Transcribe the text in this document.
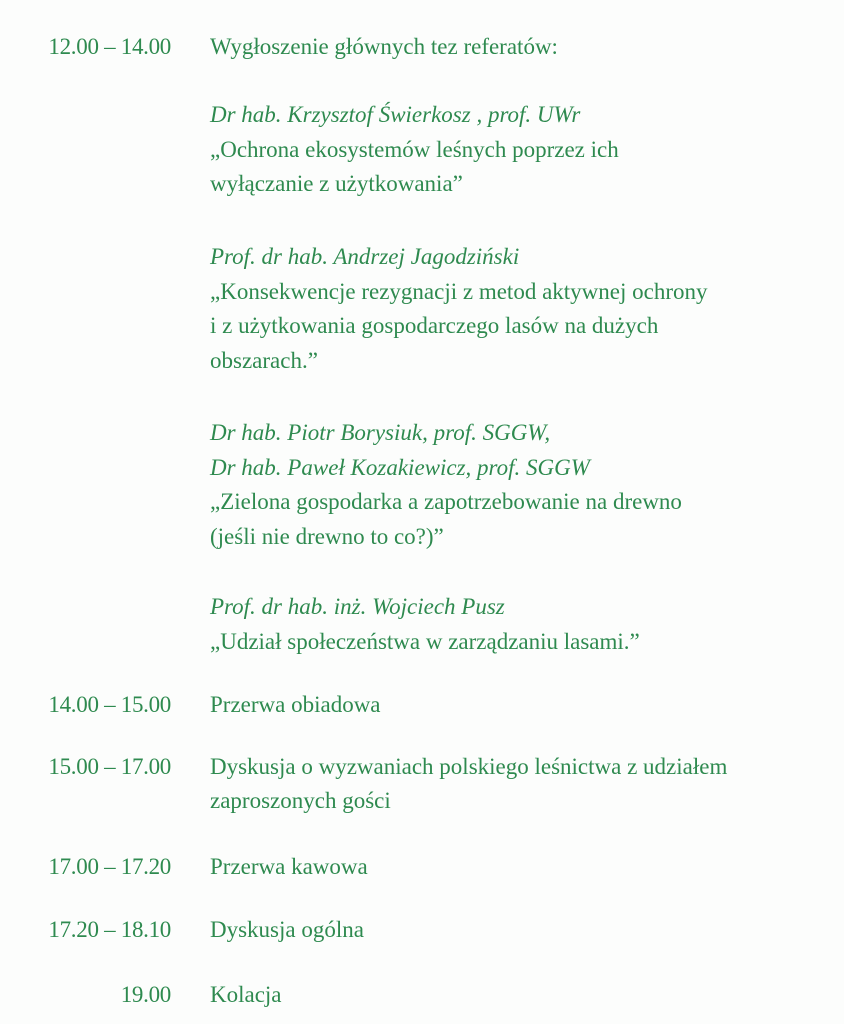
12.00 – 14.00 Wygłoszenie głównych tez referatów:
Dr hab. Krzysztof Świerkosz , prof. UWr
„Ochrona ekosystemów leśnych poprzez ich
wyłączanie z użytkowania”
Prof. dr hab. Andrzej Jagodziński
„Konsekwencje rezygnacji z metod aktywnej ochrony
i z użytkowania gospodarczego lasów na dużych
obszarach.”
Dr hab. Piotr Borysiuk, prof. SGGW,
Dr hab. Paweł Kozakiewicz, prof. SGGW
„Zielona gospodarka a zapotrzebowanie na drewno
(jeśli nie drewno to co?)”
Prof. dr hab. inż. Wojciech Pusz
„Udział społeczeństwa w zarządzaniu lasami.”
14.00 – 15.00 Przerwa obiadowa
15.00 – 17.00 Dyskusja o wyzwaniach polskiego leśnictwa z udziałem
zaproszonych gości
17.00 – 17.20 Przerwa kawowa
17.20 – 18.10 Dyskusja ogólna
19.00 Kolacja
